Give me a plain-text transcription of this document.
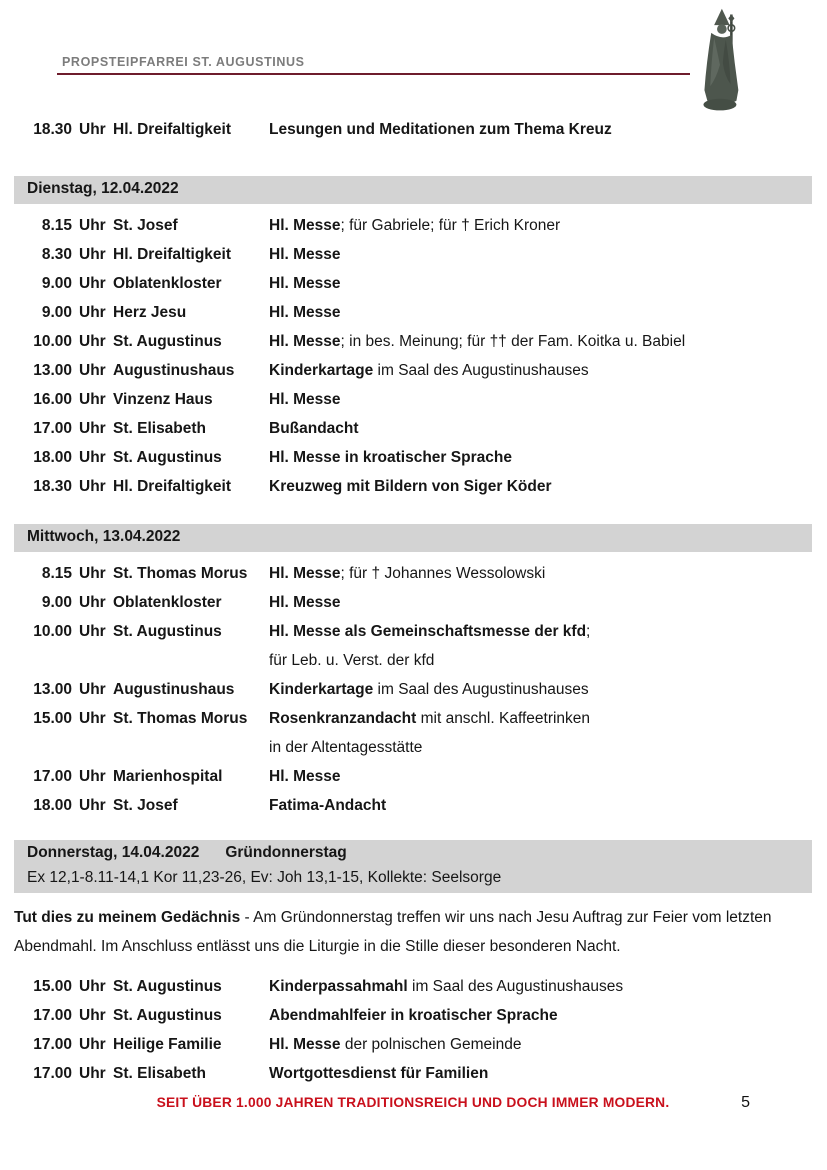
PROPSTEIPFARREI ST. AUGUSTINUS
18.30 Uhr Hl. Dreifaltigkeit	Lesungen und Meditationen zum Thema Kreuz
Dienstag, 12.04.2022
8.15 Uhr St. Josef	Hl. Messe; für Gabriele; für † Erich Kroner
8.30 Uhr Hl. Dreifaltigkeit	Hl. Messe
9.00 Uhr Oblatenkloster	Hl. Messe
9.00 Uhr Herz Jesu	Hl. Messe
10.00 Uhr St. Augustinus	Hl. Messe; in bes. Meinung; für †† der Fam. Koitka u. Babiel
13.00 Uhr Augustinushaus	Kinderkartage im Saal des Augustinushauses
16.00 Uhr Vinzenz Haus	Hl. Messe
17.00 Uhr St. Elisabeth	Bußandacht
18.00 Uhr St. Augustinus	Hl. Messe in kroatischer Sprache
18.30 Uhr Hl. Dreifaltigkeit	Kreuzweg mit Bildern von Siger Köder
Mittwoch, 13.04.2022
8.15 Uhr St. Thomas Morus	Hl. Messe; für † Johannes Wessolowski
9.00 Uhr Oblatenkloster	Hl. Messe
10.00 Uhr St. Augustinus	Hl. Messe als Gemeinschaftsmesse der kfd;
für Leb. u. Verst. der kfd
13.00 Uhr Augustinushaus	Kinderkartage im Saal des Augustinushauses
15.00 Uhr St. Thomas Morus	Rosenkranzandacht mit anschl. Kaffeetrinken
in der Altentagesstätte
17.00 Uhr Marienhospital	Hl. Messe
18.00 Uhr St. Josef	Fatima-Andacht
Donnerstag, 14.04.2022 Gründonnerstag
Ex 12,1-8.11-14,1 Kor 11,23-26, Ev: Joh 13,1-15, Kollekte: Seelsorge

Tut dies zu meinem Gedächnis - Am Gründonnerstag treffen wir uns nach Jesu Auftrag zur Feier vom letzten Abendmahl. Im Anschluss entlässt uns die Liturgie in die Stille dieser besonderen Nacht.

15.00 Uhr St. Augustinus	Kinderpassahmahl im Saal des Augustinushauses
17.00 Uhr St. Augustinus	Abendmahlfeier in kroatischer Sprache
17.00 Uhr Heilige Familie	Hl. Messe der polnischen Gemeinde
17.00 Uhr St. Elisabeth	Wortgottesdienst für Familien
SEIT ÜBER 1.000 JAHREN TRADITIONSREICH UND DOCH IMMER MODERN.	5
